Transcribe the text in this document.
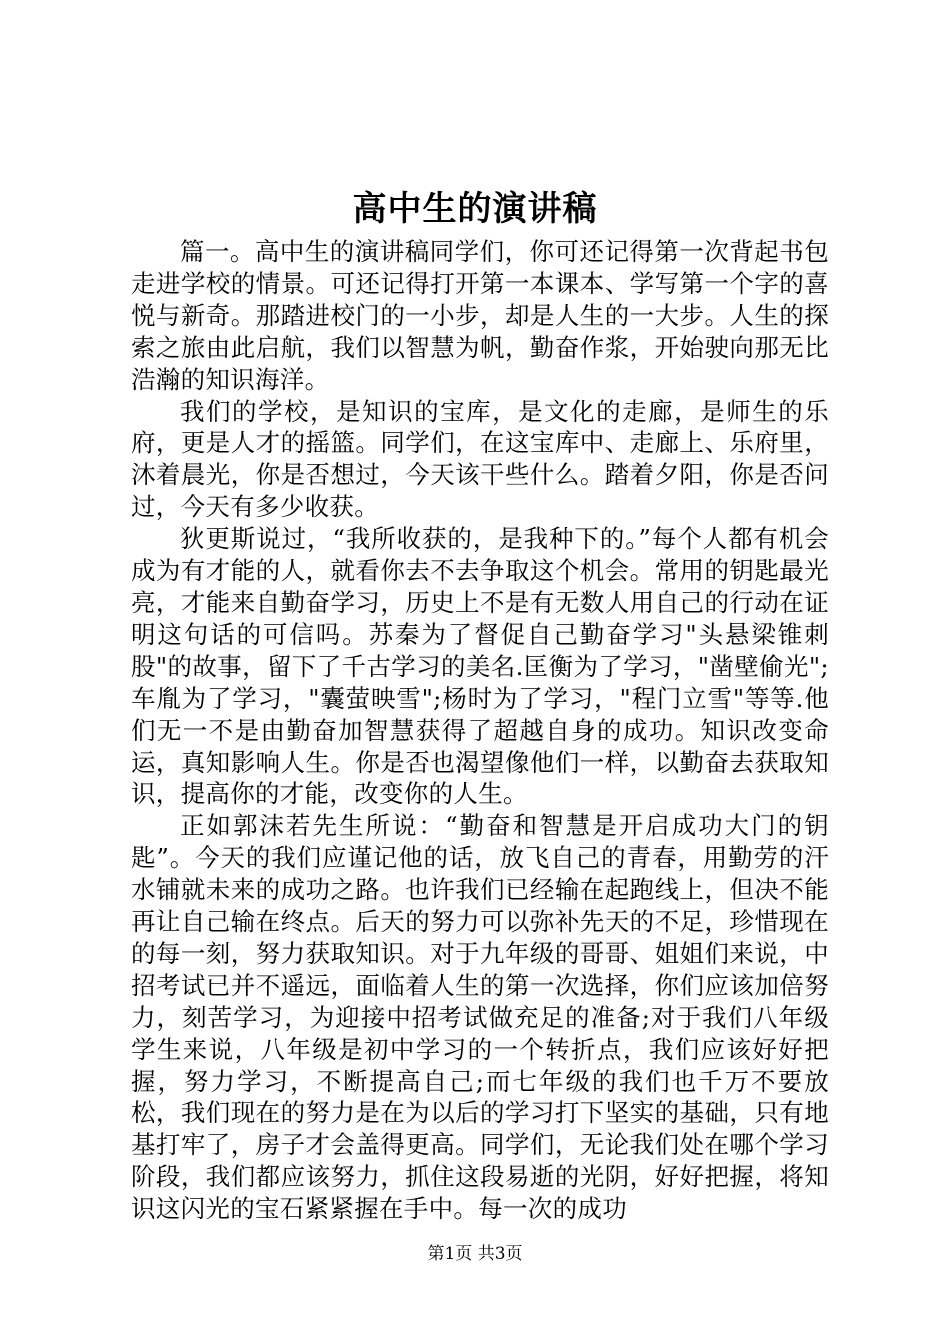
高中生的演讲稿

篇一。高中生的演讲稿同学们，你可还记得第一次背起书包走进学校的情景。可还记得打开第一本课本、学写第一个字的喜悦与新奇。那踏进校门的一小步，却是人生的一大步。人生的探索之旅由此启航，我们以智慧为帆，勤奋作浆，开始驶向那无比浩瀚的知识海洋。

我们的学校，是知识的宝库，是文化的走廊，是师生的乐府，更是人才的摇篮。同学们，在这宝库中、走廊上、乐府里，沐着晨光，你是否想过，今天该干些什么。踏着夕阳，你是否问过，今天有多少收获。

狄更斯说过，“我所收获的，是我种下的。”每个人都有机会成为有才能的人，就看你去不去争取这个机会。常用的钥匙最光亮，才能来自勤奋学习，历史上不是有无数人用自己的行动在证明这句话的可信吗。苏秦为了督促自己勤奋学习"头悬梁锥刺股"的故事，留下了千古学习的美名.匡衡为了学习，"凿壁偷光";车胤为了学习，"囊萤映雪";杨时为了学习，"程门立雪"等等.他们无一不是由勤奋加智慧获得了超越自身的成功。知识改变命运，真知影响人生。你是否也渴望像他们一样，以勤奋去获取知识，提高你的才能，改变你的人生。

正如郭沫若先生所说：“勤奋和智慧是开启成功大门的钥匙”。今天的我们应谨记他的话，放飞自己的青春，用勤劳的汗水铺就未来的成功之路。也许我们已经输在起跑线上，但决不能再让自己输在终点。后天的努力可以弥补先天的不足，珍惜现在的每一刻，努力获取知识。对于九年级的哥哥、姐姐们来说，中招考试已并不遥远，面临着人生的第一次选择，你们应该加倍努力，刻苦学习，为迎接中招考试做充足的准备;对于我们八年级学生来说，八年级是初中学习的一个转折点，我们应该好好把握，努力学习，不断提高自己;而七年级的我们也千万不要放松，我们现在的努力是在为以后的学习打下坚实的基础，只有地基打牢了，房子才会盖得更高。同学们，无论我们处在哪个学习阶段，我们都应该努力，抓住这段易逝的光阴，好好把握，将知识这闪光的宝石紧紧握在手中。每一次的成功

第1页 共3页
